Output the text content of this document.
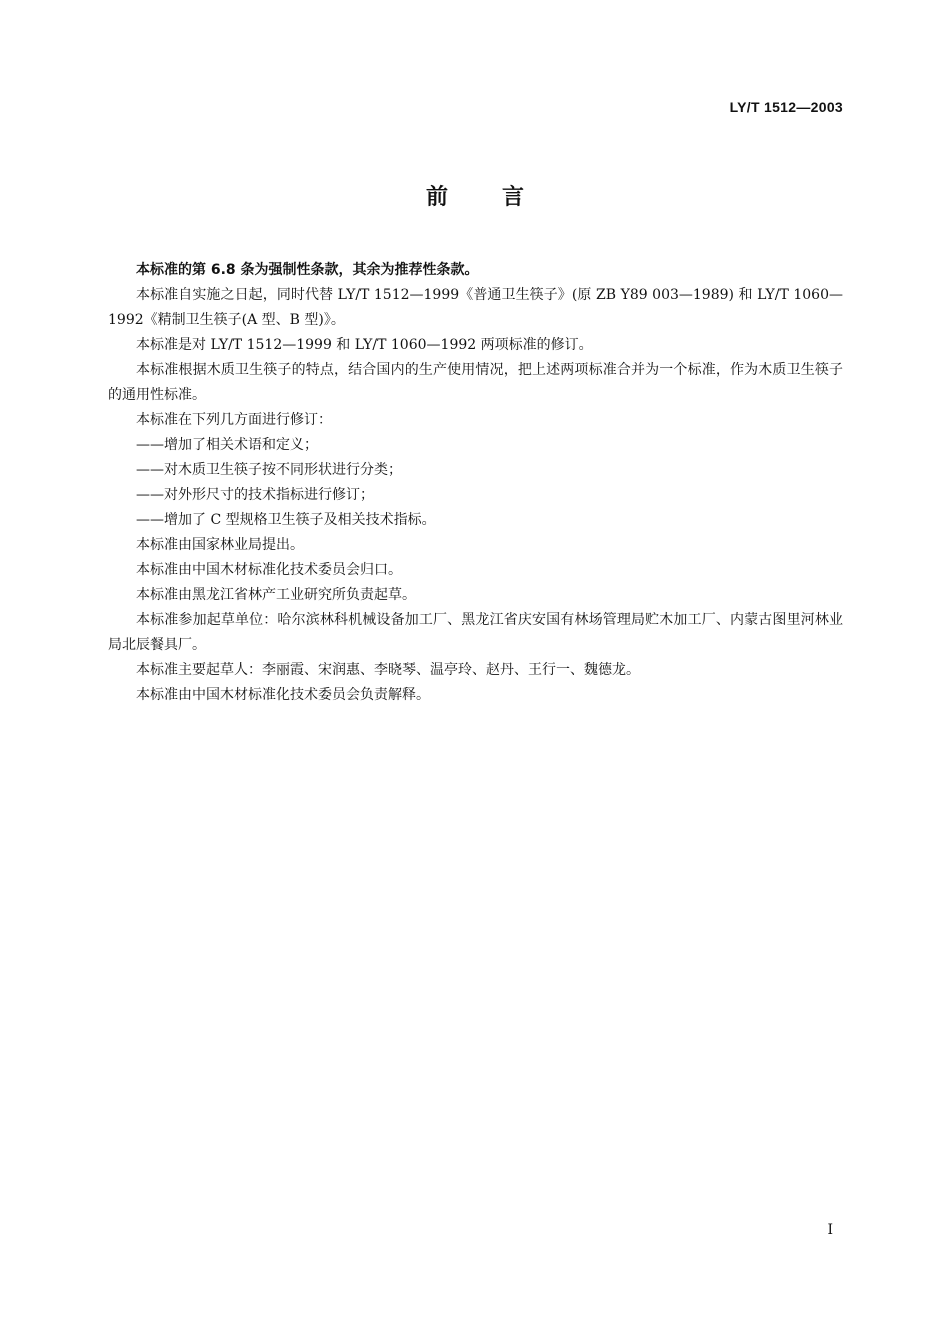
LY/T 1512—2003
前言

本标准的第 6.8 条为强制性条款，其余为推荐性条款。

本标准自实施之日起，同时代替 LY/T 1512—1999《普通卫生筷子》(原 ZB Y89 003—1989) 和 LY/T 1060—1992《精制卫生筷子(A 型、B 型)》。

本标准是对 LY/T 1512—1999 和 LY/T 1060—1992 两项标准的修订。

本标准根据木质卫生筷子的特点，结合国内的生产使用情况，把上述两项标准合并为一个标准，作为木质卫生筷子的通用性标准。

本标准在下列几方面进行修订：

——增加了相关术语和定义；

——对木质卫生筷子按不同形状进行分类；

——对外形尺寸的技术指标进行修订；

——增加了 C 型规格卫生筷子及相关技术指标。

本标准由国家林业局提出。

本标准由中国木材标准化技术委员会归口。

本标准由黑龙江省林产工业研究所负责起草。

本标准参加起草单位：哈尔滨林科机械设备加工厂、黑龙江省庆安国有林场管理局贮木加工厂、内蒙古图里河林业局北辰餐具厂。

本标准主要起草人：李丽霞、宋润惠、李晓琴、温亭玲、赵丹、王行一、魏德龙。

本标准由中国木材标准化技术委员会负责解释。

I
